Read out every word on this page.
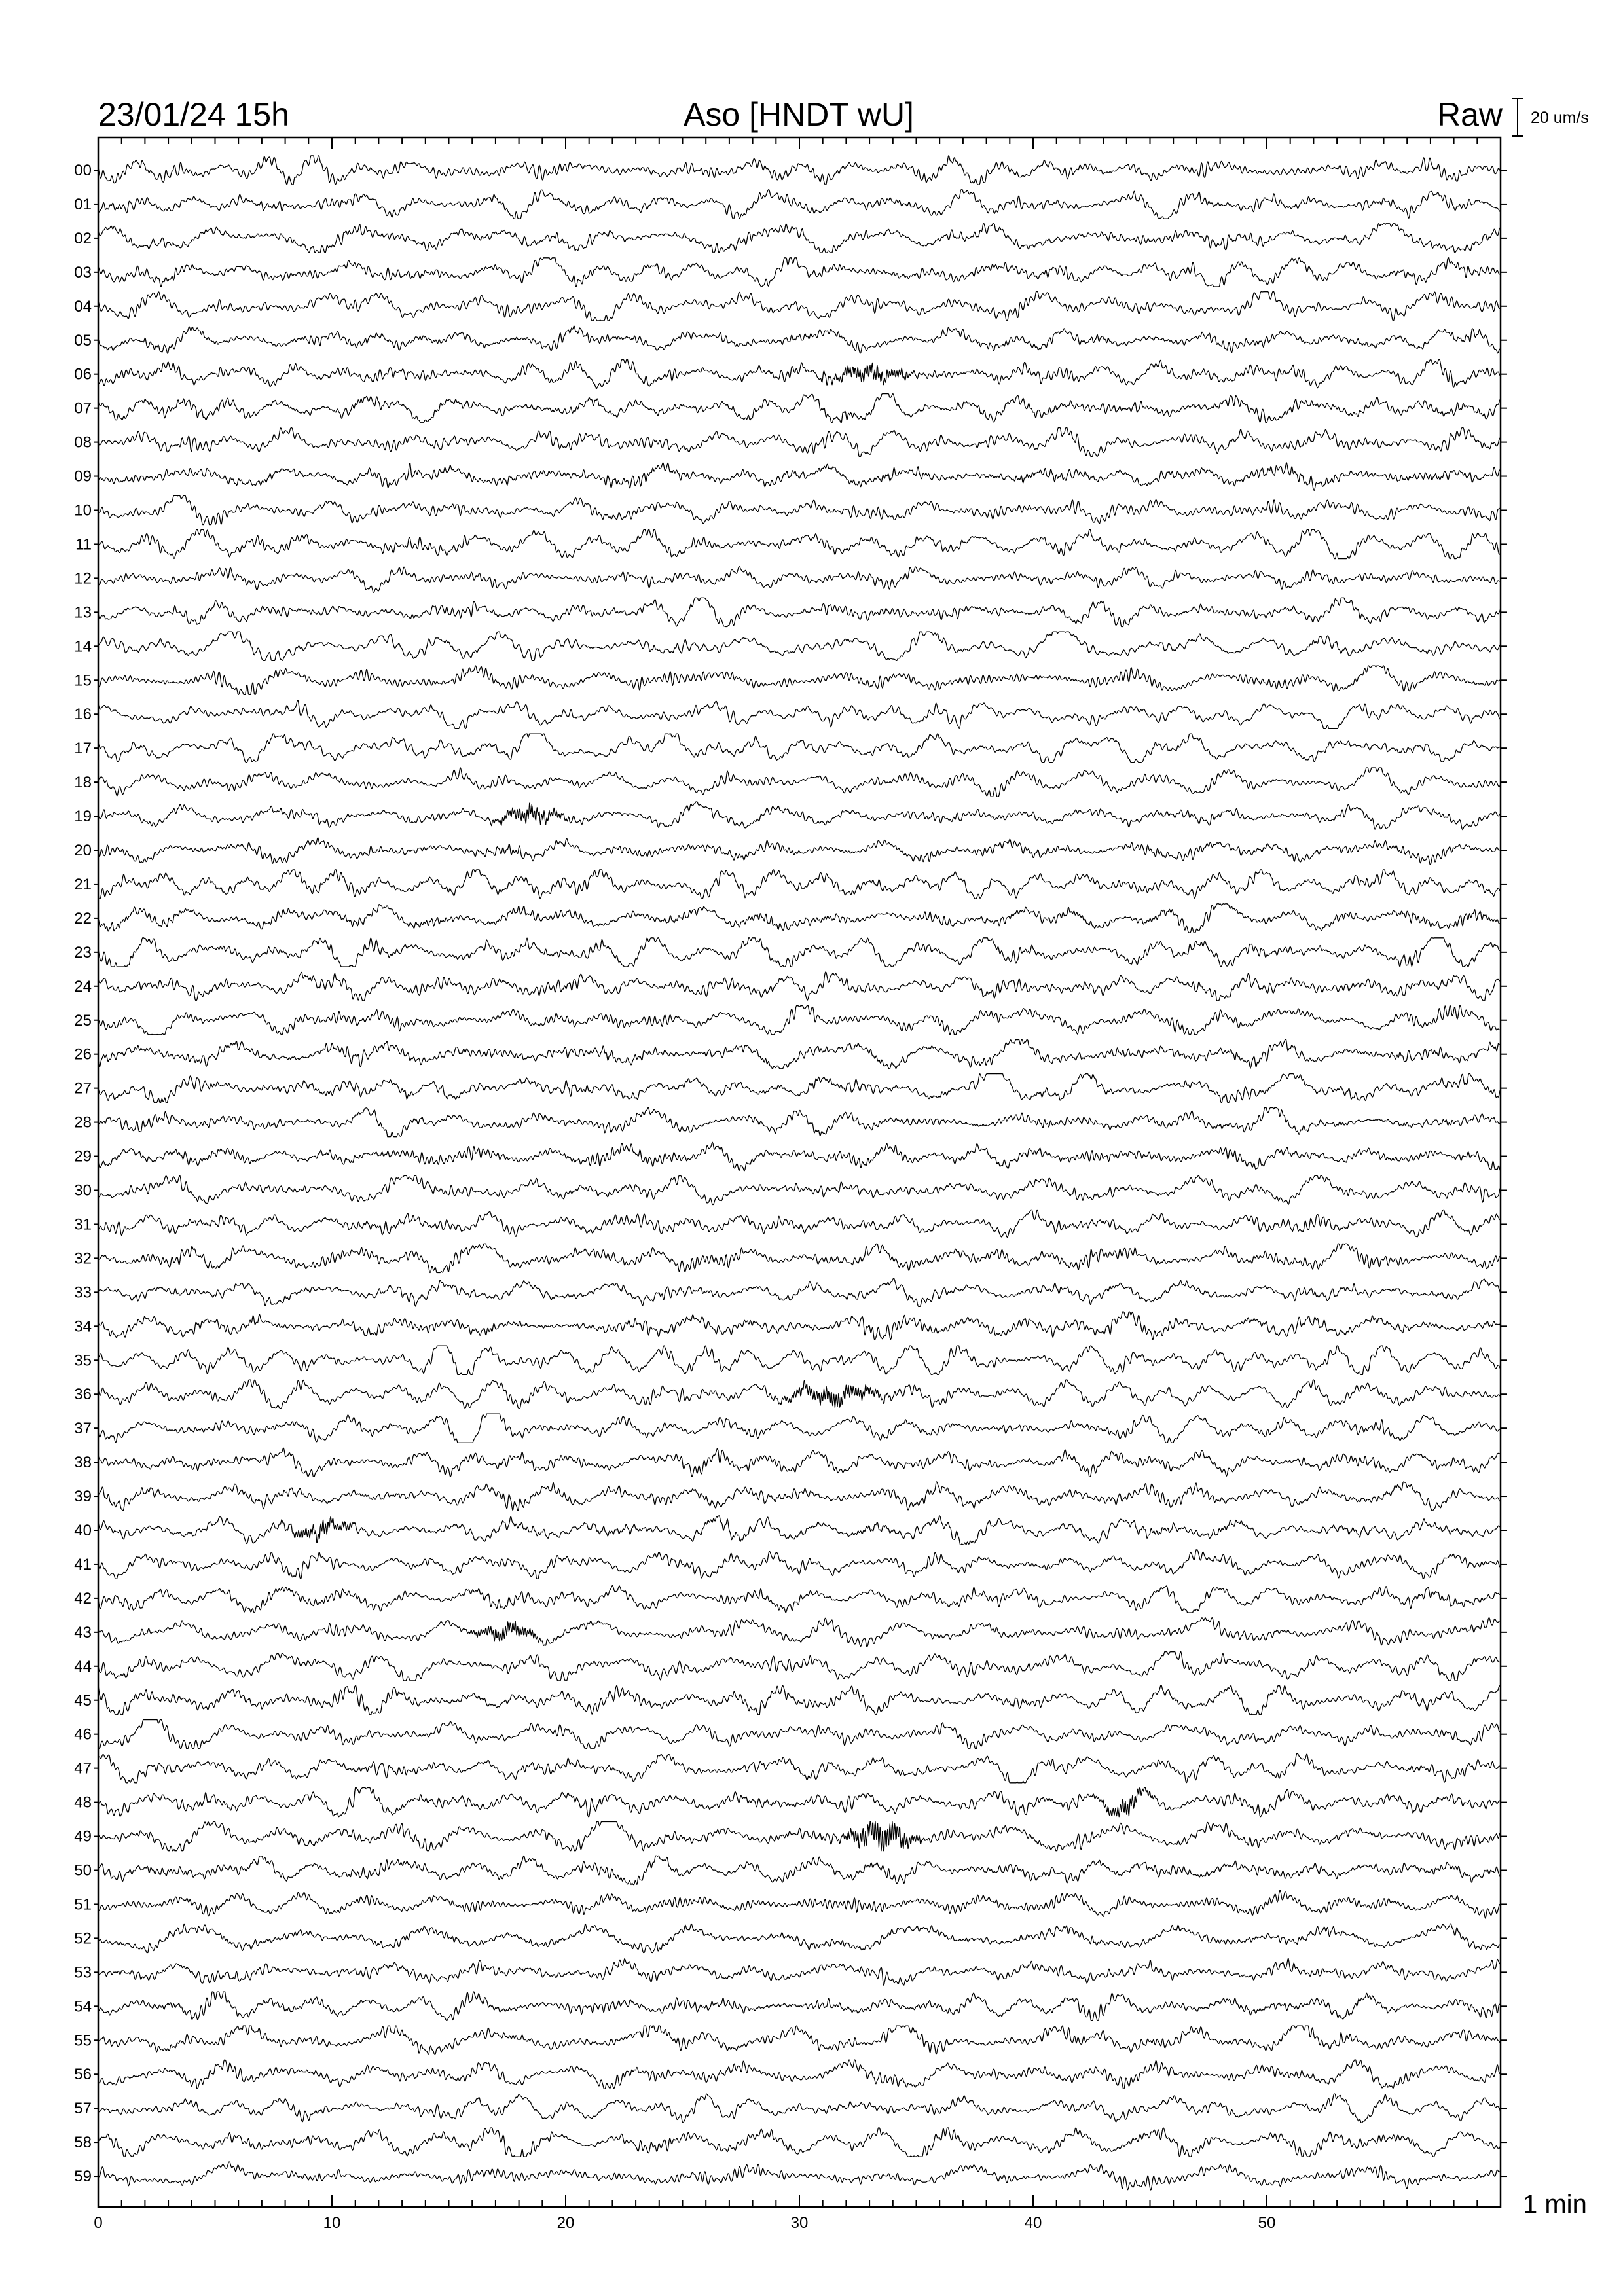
23/01/24 15h	Aso [HNDT wU]	Raw 20 um/s
1 min
0	10	20	30	40	50
00
01
02
03
04
05
06
07
08
09
10
11
12
13
14
15
16
17
18
19
20
21
22
23
24
25
26
27
28
29
30
31
32
33
34
35
36
37
38
39
40
41
42
43
44
45
46
47
48
49
50
51
52
53
54
55
56
57
58
59
